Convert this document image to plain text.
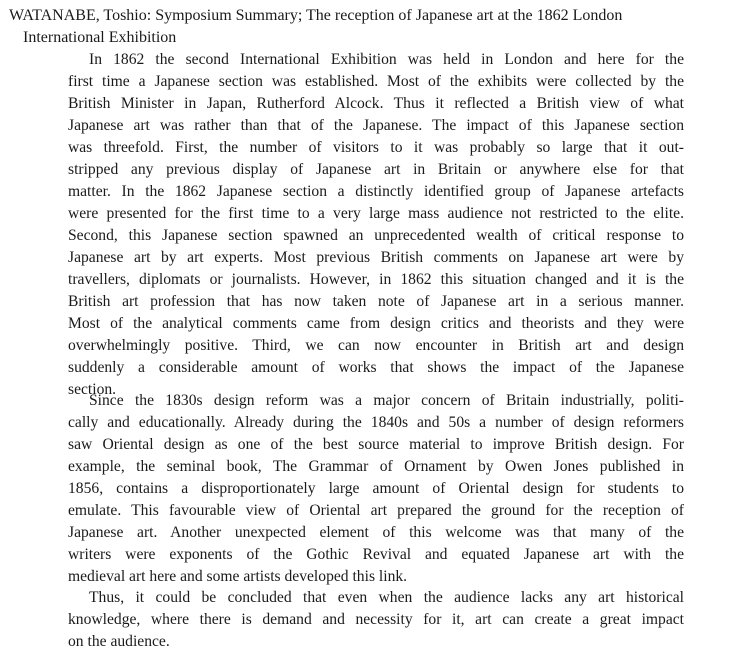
WATANABE, Toshio: Symposium Summary; The reception of Japanese art at the 1862 London
International Exhibition
In 1862 the second International Exhibition was held in London and here for the
first time a Japanese section was established. Most of the exhibits were collected by the
British Minister in Japan, Rutherford Alcock. Thus it reflected a British view of what
Japanese art was rather than that of the Japanese. The impact of this Japanese section
was threefold. First, the number of visitors to it was probably so large that it out-
stripped any previous display of Japanese art in Britain or anywhere else for that
matter. In the 1862 Japanese section a distinctly identified group of Japanese artefacts
were presented for the first time to a very large mass audience not restricted to the elite.
Second, this Japanese section spawned an unprecedented wealth of critical response to
Japanese art by art experts. Most previous British comments on Japanese art were by
travellers, diplomats or journalists. However, in 1862 this situation changed and it is the
British art profession that has now taken note of Japanese art in a serious manner.
Most of the analytical comments came from design critics and theorists and they were
overwhelmingly positive. Third, we can now encounter in British art and design
suddenly a considerable amount of works that shows the impact of the Japanese
section.
Since the 1830s design reform was a major concern of Britain industrially, politi-
cally and educationally. Already during the 1840s and 50s a number of design reformers
saw Oriental design as one of the best source material to improve British design. For
example, the seminal book, The Grammar of Ornament by Owen Jones published in
1856, contains a disproportionately large amount of Oriental design for students to
emulate. This favourable view of Oriental art prepared the ground for the reception of
Japanese art. Another unexpected element of this welcome was that many of the
writers were exponents of the Gothic Revival and equated Japanese art with the
medieval art here and some artists developed this link.
Thus, it could be concluded that even when the audience lacks any art historical
knowledge, where there is demand and necessity for it, art can create a great impact
on the audience.
